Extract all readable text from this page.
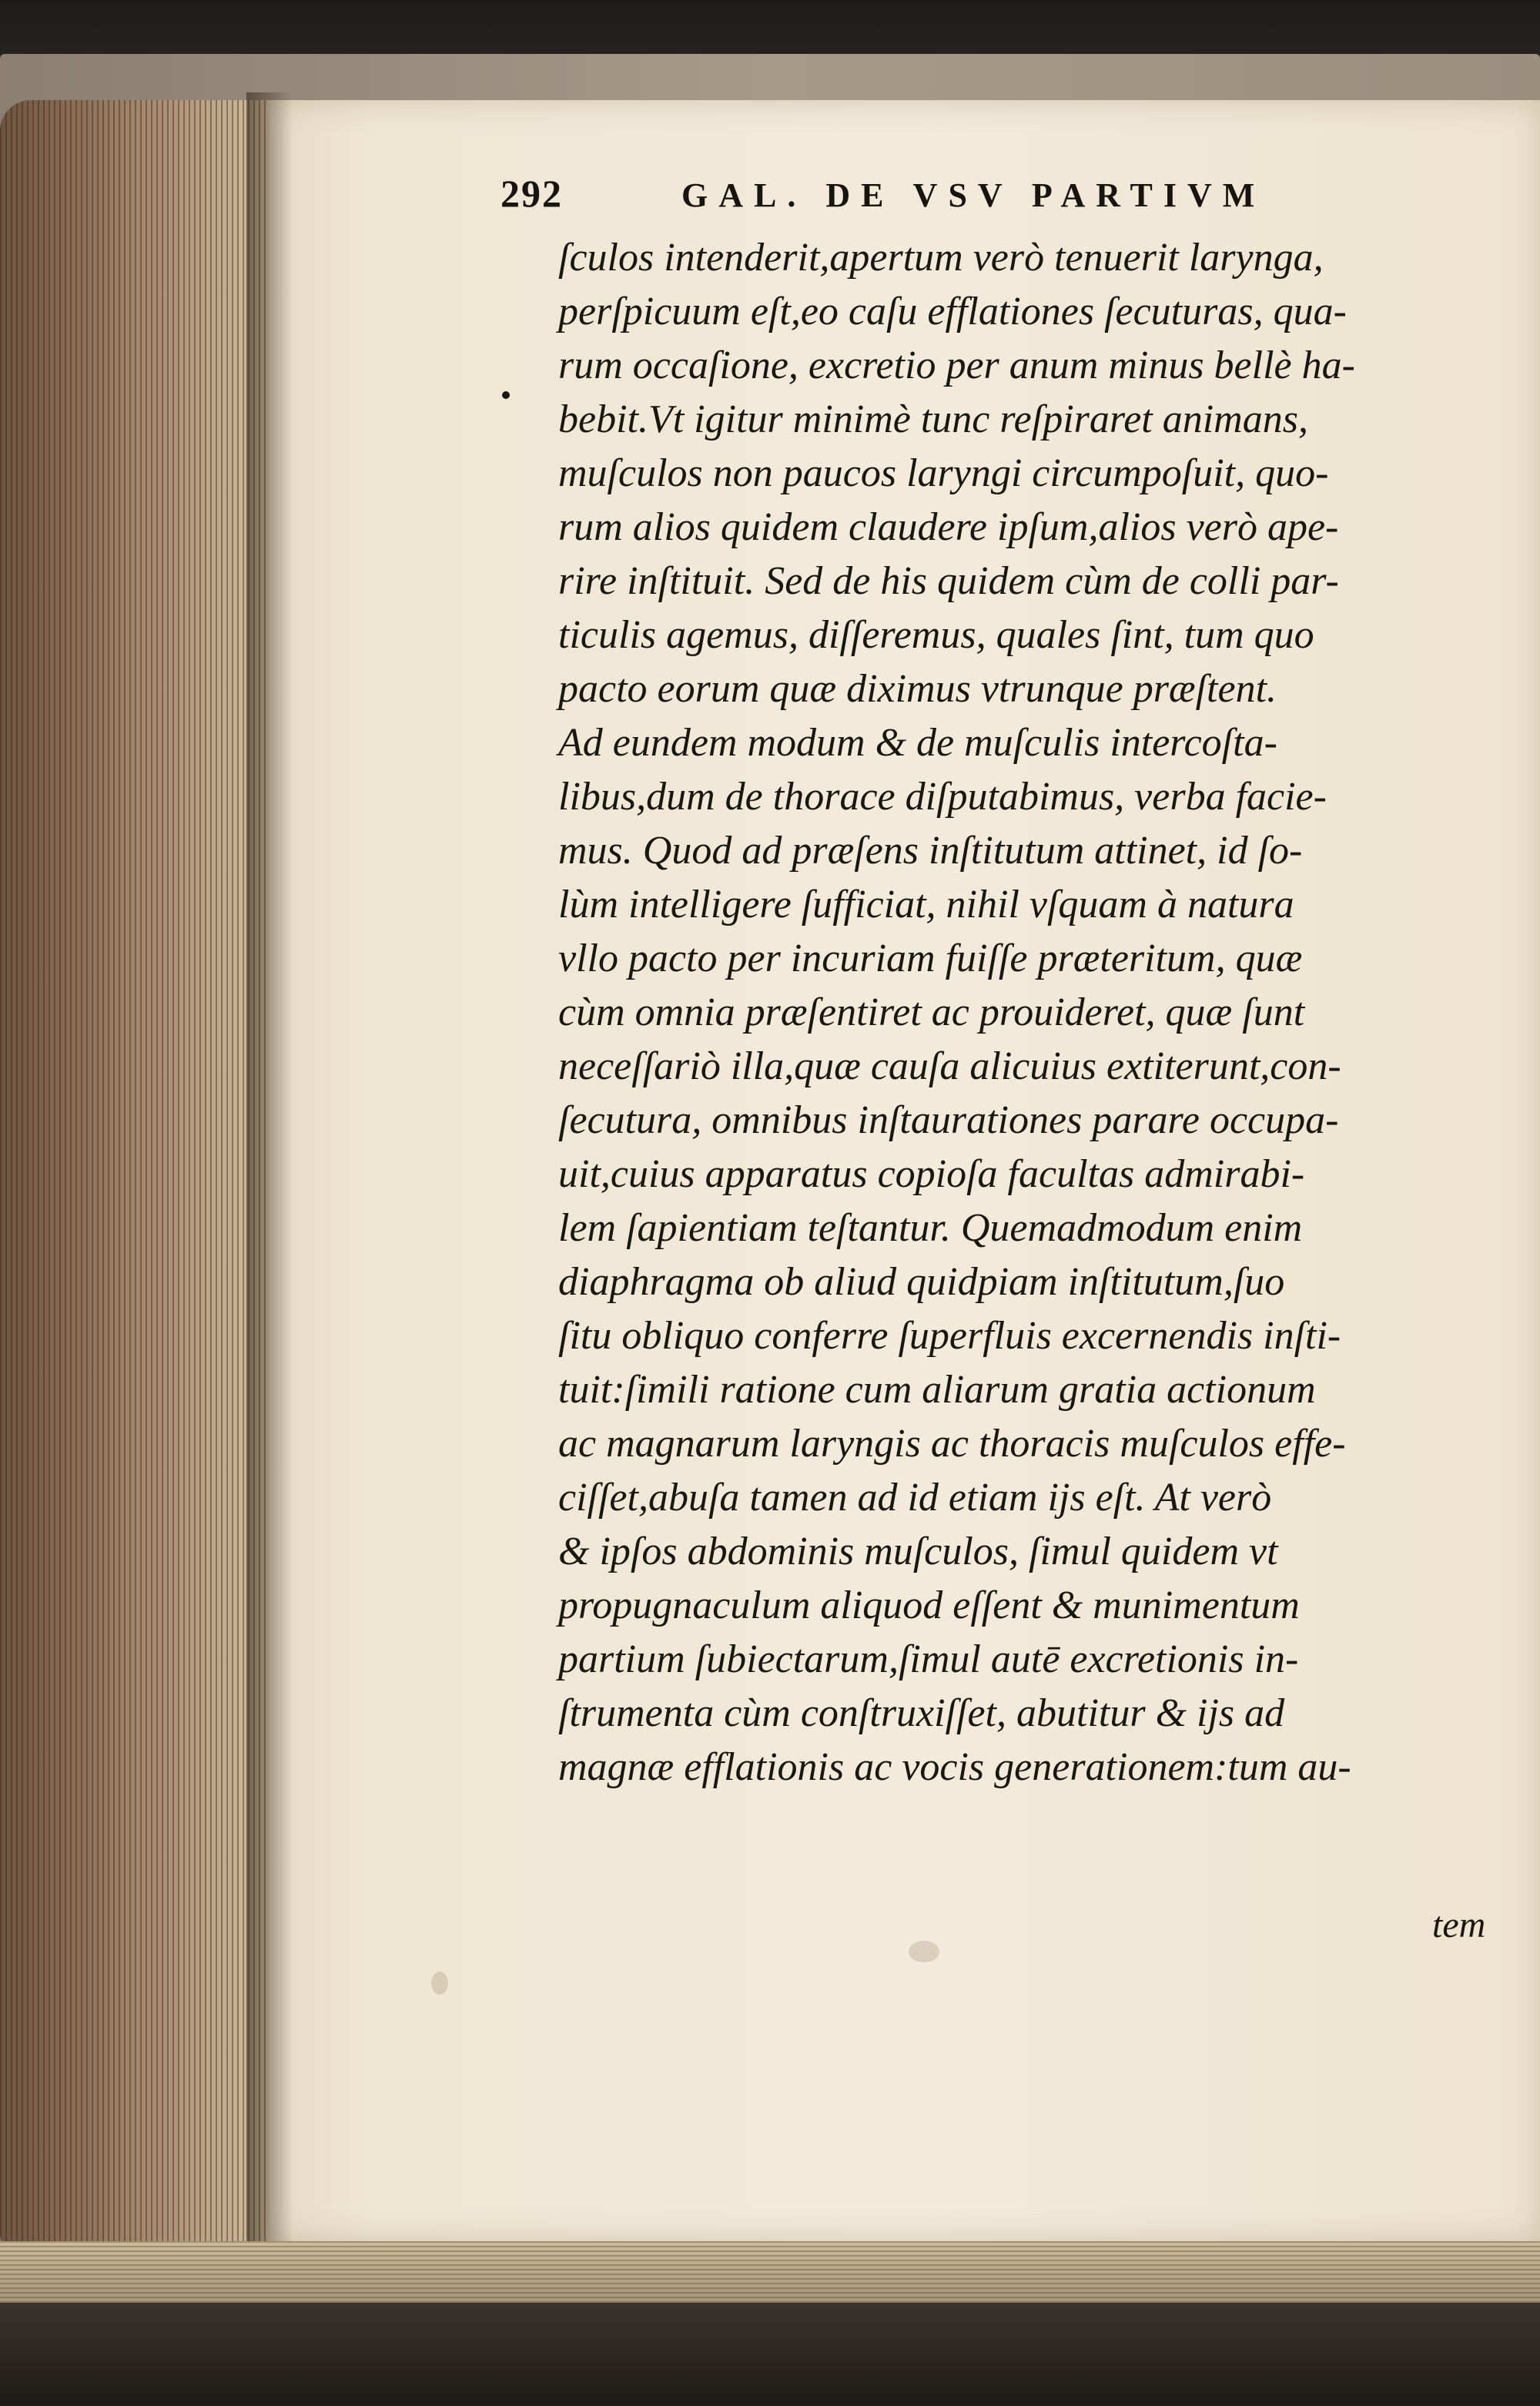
292	GAL. DE VSV PARTIVM
ſculos intenderit,apertum verò tenuerit larynga,
perſpicuum eſt,eo caſu efflationes ſecuturas, qua-
rum occaſione, excretio per anum minus bellè ha-
bebit.Vt igitur minimè tunc reſpiraret animans,
muſculos non paucos laryngi circumpoſuit, quo-
rum alios quidem claudere ipſum,alios verò ape-
rire inſtituit. Sed de his quidem cùm de colli par-
ticulis agemus, diſſeremus, quales ſint, tum quo
pacto eorum quæ diximus vtrunque præſtent.
Ad eundem modum & de muſculis intercoſta-
libus,dum de thorace diſputabimus, verba facie-
mus. Quod ad præſens inſtitutum attinet, id ſo-
lùm intelligere ſufficiat, nihil vſquam à natura
vllo pacto per incuriam fuiſſe præteritum, quæ
cùm omnia præſentiret ac prouideret, quæ ſunt
neceſſariò illa,quæ cauſa alicuius extiterunt,con-
ſecutura, omnibus inſtaurationes parare occupa-
uit,cuius apparatus copioſa facultas admirabi-
lem ſapientiam teſtantur. Quemadmodum enim
diaphragma ob aliud quidpiam inſtitutum,ſuo
ſitu obliquo conferre ſuperfluis excernendis inſti-
tuit:ſimili ratione cum aliarum gratia actionum
ac magnarum laryngis ac thoracis muſculos effe-
ciſſet,abuſa tamen ad id etiam ijs eſt. At verò
& ipſos abdominis muſculos, ſimul quidem vt
propugnaculum aliquod eſſent & munimentum
partium ſubiectarum,ſimul autē excretionis in-
ſtrumenta cùm conſtruxiſſet, abutitur & ijs ad
magnæ efflationis ac vocis generationem:tum au-
tem
